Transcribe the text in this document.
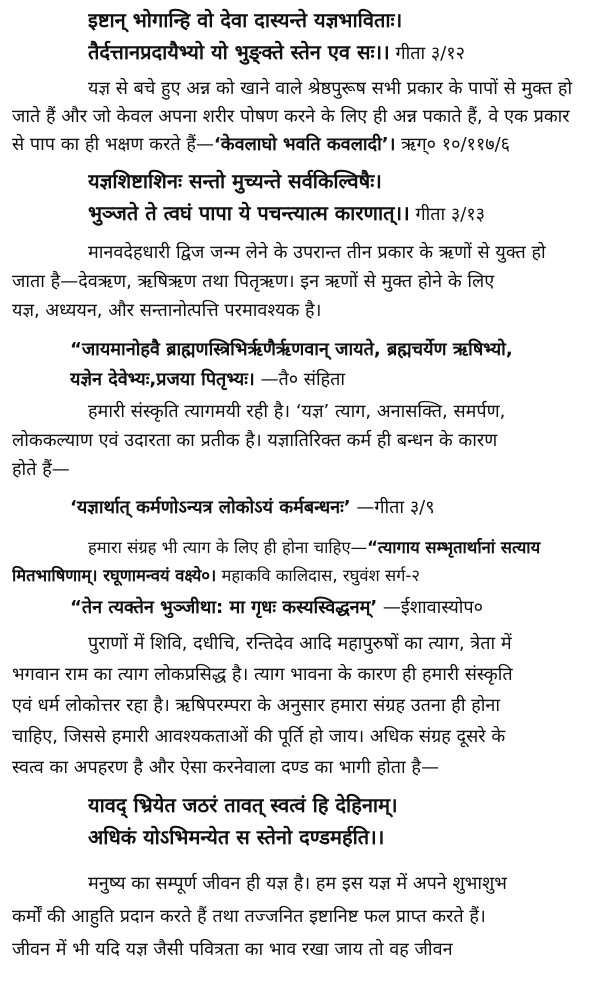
इष्टान् भोगान्हि वो देवा दास्यन्ते यज्ञभाविताः।
तैर्दत्तानप्रदायैभ्यो यो भुङ्क्ते स्तेन एव सः।। गीता ३/१२
यज्ञ से बचे हुए अन्न को खाने वाले श्रेष्ठपुरूष सभी प्रकार के पापों से मुक्त हो
जाते हैं और जो केवल अपना शरीर पोषण करने के लिए ही अन्न पकाते हैं, वे एक प्रकार
से पाप का ही भक्षण करते हैं—‘केवलाघो भवति कवलादी’। ऋग्० १०/११७/६
यज्ञशिष्टाशिनः सन्तो मुच्यन्ते सर्वकिल्विषैः।
भुञ्जते ते त्वघं पापा ये पचन्त्यात्म कारणात्।। गीता ३/१३
मानवदेहधारी द्विज जन्म लेने के उपरान्त तीन प्रकार के ऋणों से युक्त हो
जाता है—देवऋण, ऋषिऋण तथा पितृऋण। इन ऋणों से मुक्त होने के लिए
यज्ञ, अध्ययन, और सन्तानोत्पत्ति परमावश्यक है।
“जायमानोहवै ब्राह्मणस्त्रिभिर्ऋणैर्ऋणवान् जायते, ब्रह्मचर्येण ऋषिभ्यो,
यज्ञेन देवेभ्यः,प्रजया पितृभ्यः। —तै० संहिता
हमारी संस्कृति त्यागमयी रही है। ‘यज्ञ’ त्याग, अनासक्ति, समर्पण,
लोककल्याण एवं उदारता का प्रतीक है। यज्ञातिरिक्त कर्म ही बन्धन के कारण
होते हैं—
‘यज्ञार्थात् कर्मणोऽन्यत्र लोकोऽयं कर्मबन्धनः’ —गीता ३/९
हमारा संग्रह भी त्याग के लिए ही होना चाहिए—“त्यागाय सम्भृतार्थानां सत्याय
मितभाषिणाम्। रघूणामन्वयं वक्ष्ये०। महाकवि कालिदास, रघुवंश सर्ग-२
“तेन त्यक्तेन भुञ्जीथा: मा गृधः कस्यस्विद्धनम्’ —ईशावास्योप०
पुराणों में शिवि, दधीचि, रन्तिदेव आदि महापुरुषों का त्याग, त्रेता में
भगवान राम का त्याग लोकप्रसिद्ध है। त्याग भावना के कारण ही हमारी संस्कृति
एवं धर्म लोकोत्तर रहा है। ऋषिपरम्परा के अनुसार हमारा संग्रह उतना ही होना
चाहिए, जिससे हमारी आवश्यकताओं की पूर्ति हो जाय। अधिक संग्रह दूसरे के
स्वत्व का अपहरण है और ऐसा करनेवाला दण्ड का भागी होता है—
यावद् भ्रियेत जठरं तावत् स्वत्वं हि देहिनाम्।
अधिकं योऽभिमन्येत स स्तेनो दण्डमर्हति।।
मनुष्य का सम्पूर्ण जीवन ही यज्ञ है। हम इस यज्ञ में अपने शुभाशुभ
कर्मों की आहुति प्रदान करते हैं तथा तज्जनित इष्टानिष्ट फल प्राप्त करते हैं।
जीवन में भी यदि यज्ञ जैसी पवित्रता का भाव रखा जाय तो वह जीवन
